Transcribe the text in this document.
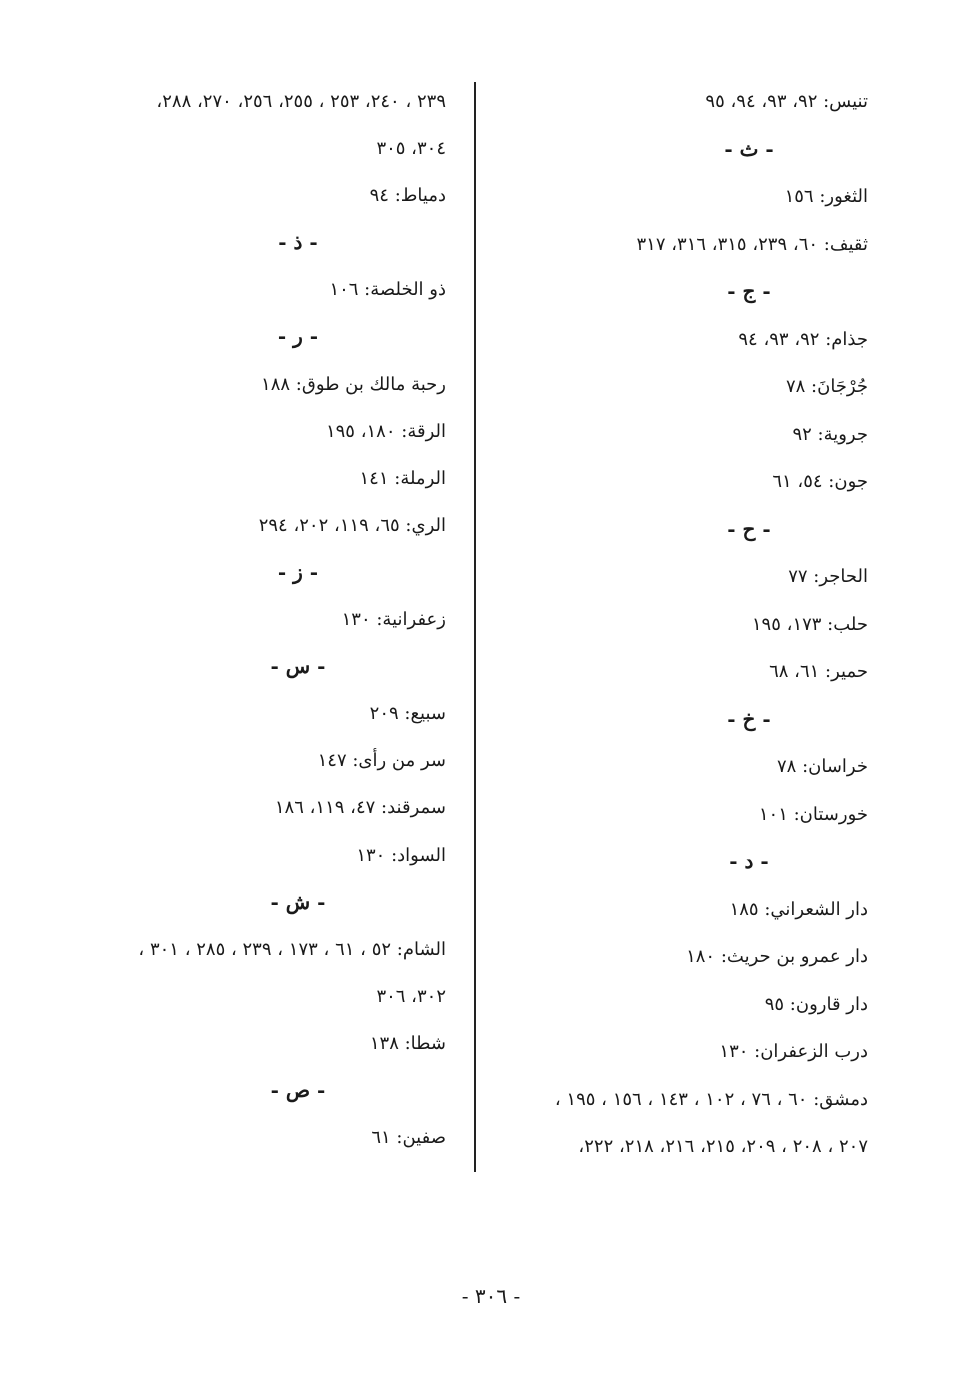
تنيس: ٩٢، ٩٣، ٩٤، ٩٥
- ث -
الثغور: ١٥٦
ثقيف: ٦٠، ٢٣٩، ٣١٥، ٣١٦، ٣١٧
- ج -
جذام: ٩٢، ٩٣، ٩٤
جُرْجَانَ: ٧٨
جروية: ٩٢
جون: ٥٤، ٦١
- ح -
الحاجر: ٧٧
حلب: ١٧٣، ١٩٥
حمير: ٦١، ٦٨
- خ -
خراسان: ٧٨
خورستان: ١٠١
- د -
دار الشعراني: ١٨٥
دار عمرو بن حريث: ١٨٠
دار قارون: ٩٥
درب الزعفران: ١٣٠
دمشق: ٦٠ ، ٧٦ ، ١٠٢ ، ١٤٣ ، ١٥٦ ، ١٩٥ ،
٢٠٧ ، ٢٠٨ ، ٢٠٩، ٢١٥، ٢١٦، ٢١٨، ٢٢٢،
٢٣٩ ، ٢٤٠، ٢٥٣ ، ٢٥٥، ٢٥٦، ٢٧٠، ٢٨٨،
٣٠٤، ٣٠٥
دمياط: ٩٤
- ذ -
ذو الخلصة: ١٠٦
- ر -
رحبة مالك بن طوق: ١٨٨
الرقة: ١٨٠، ١٩٥
الرملة: ١٤١
الري: ٦٥، ١١٩، ٢٠٢، ٢٩٤
- ز -
زعفرانية: ١٣٠
- س -
سبيع: ٢٠٩
سر من رأى: ١٤٧
سمرقند: ٤٧، ١١٩، ١٨٦
السواد: ١٣٠
- ش -
الشام: ٥٢ ، ٦١ ، ١٧٣ ، ٢٣٩ ، ٢٨٥ ، ٣٠١ ،
٣٠٢، ٣٠٦
شطا: ١٣٨
- ص -
صفين: ٦١
- ٣٠٦ -
